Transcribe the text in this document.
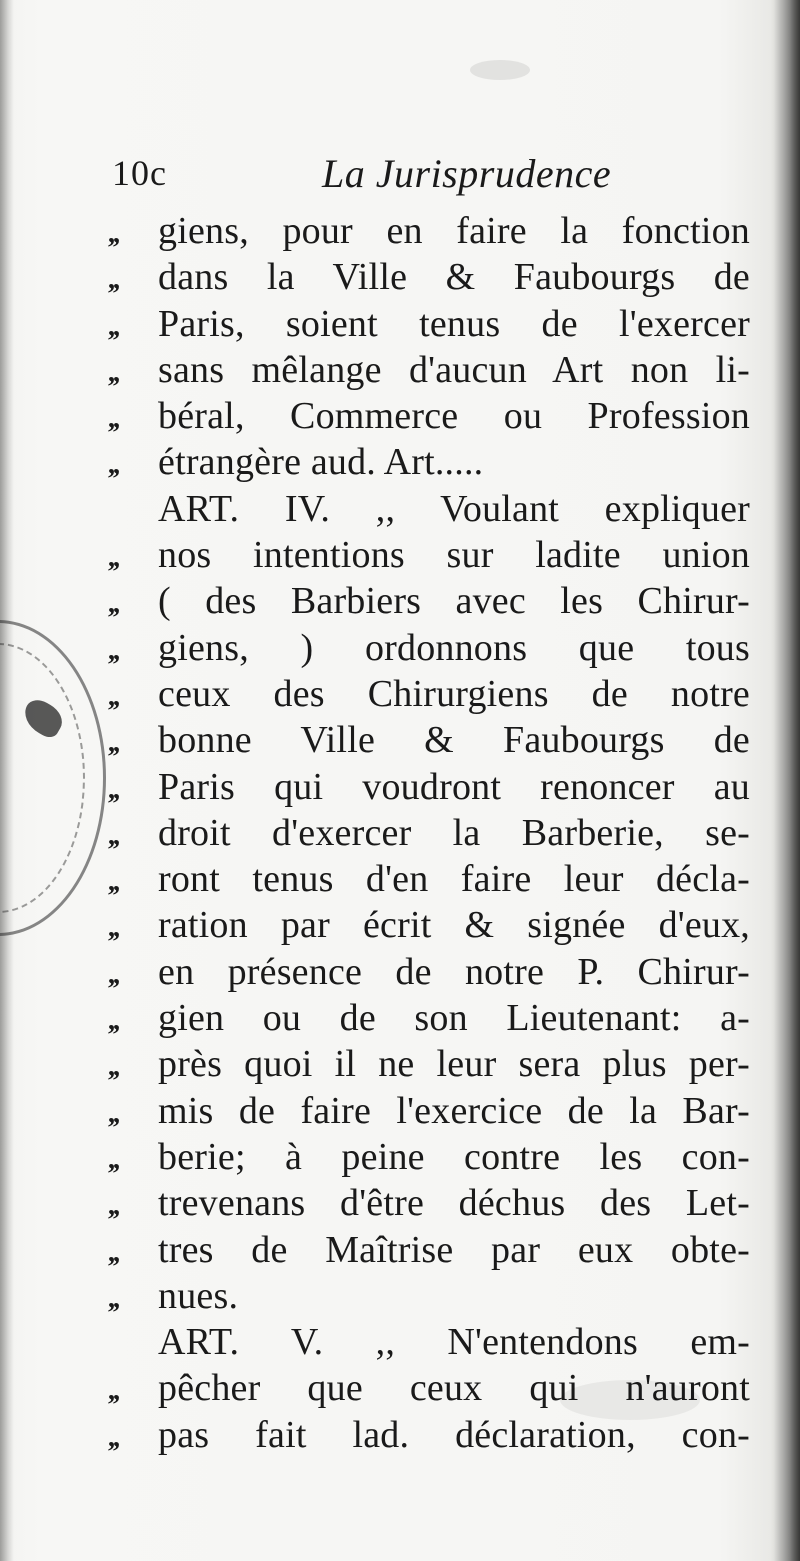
10c	La Jurisprudence
,, giens, pour en faire la fonction
,, dans la Ville & Faubourgs de
,, Paris, soient tenus de l'exercer
,, sans mêlange d'aucun Art non li-
,, béral, Commerce ou Profession
,, étrangère aud. Art.....
ART. IV. ,, Voulant expliquer
,, nos intentions sur ladite union
,, ( des Barbiers avec les Chirur-
,, giens, ) ordonnons que tous
,, ceux des Chirurgiens de notre
,, bonne Ville & Faubourgs de
,, Paris qui voudront renoncer au
,, droit d'exercer la Barberie, se-
,, ront tenus d'en faire leur décla-
,, ration par écrit & signée d'eux,
,, en présence de notre P. Chirur-
,, gien ou de son Lieutenant: a-
,, près quoi il ne leur sera plus per-
,, mis de faire l'exercice de la Bar-
,, berie; à peine contre les con-
,, trevenans d'être déchus des Let-
,, tres de Maîtrise par eux obte-
,, nues.
ART. V. ,, N'entendons em-
,, pêcher que ceux qui n'auront
,, pas fait lad. déclaration, con-
